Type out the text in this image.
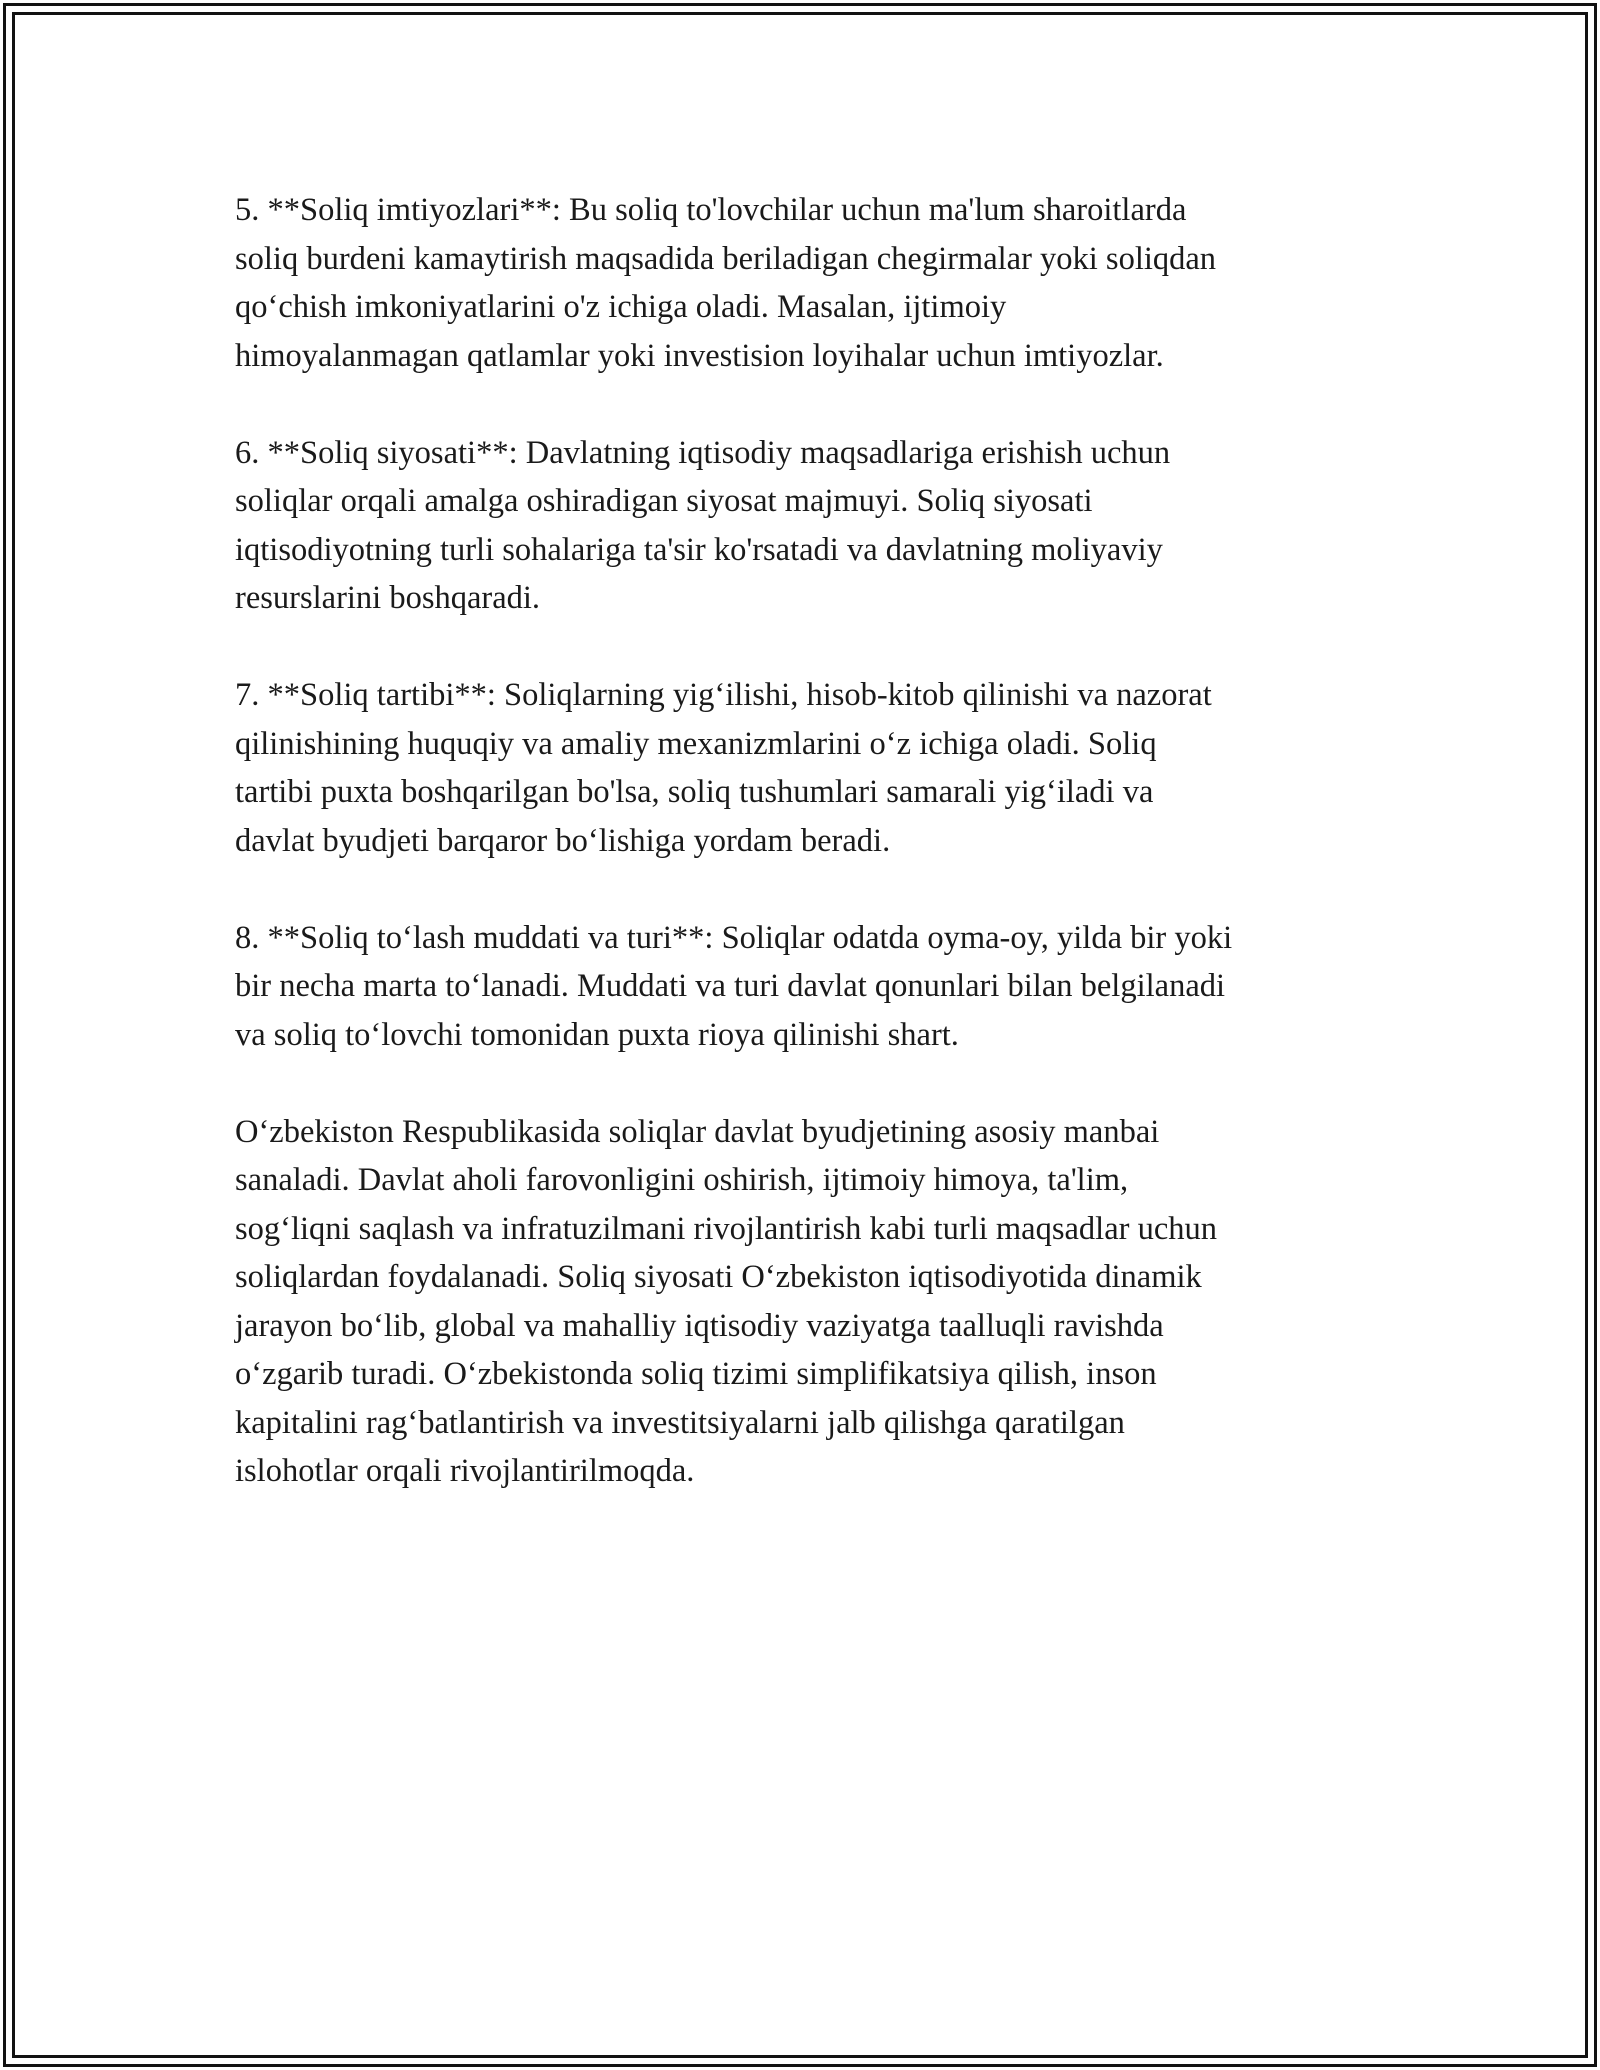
5. **Soliq imtiyozlari**: Bu soliq to'lovchilar uchun ma'lum sharoitlarda
soliq burdeni kamaytirish maqsadida beriladigan chegirmalar yoki soliqdan
qo‘chish imkoniyatlarini o'z ichiga oladi. Masalan, ijtimoiy
himoyalanmagan qatlamlar yoki investision loyihalar uchun imtiyozlar.

6. **Soliq siyosati**: Davlatning iqtisodiy maqsadlariga erishish uchun
soliqlar orqali amalga oshiradigan siyosat majmuyi. Soliq siyosati
iqtisodiyotning turli sohalariga ta'sir ko'rsatadi va davlatning moliyaviy
resurslarini boshqaradi.

7. **Soliq tartibi**: Soliqlarning yig‘ilishi, hisob-kitob qilinishi va nazorat
qilinishining huquqiy va amaliy mexanizmlarini o‘z ichiga oladi. Soliq
tartibi puxta boshqarilgan bo'lsa, soliq tushumlari samarali yig‘iladi va
davlat byudjeti barqaror bo‘lishiga yordam beradi.

8. **Soliq to‘lash muddati va turi**: Soliqlar odatda oyma-oy, yilda bir yoki
bir necha marta to‘lanadi. Muddati va turi davlat qonunlari bilan belgilanadi
va soliq to‘lovchi tomonidan puxta rioya qilinishi shart.

O‘zbekiston Respublikasida soliqlar davlat byudjetining asosiy manbai
sanaladi. Davlat aholi farovonligini oshirish, ijtimoiy himoya, ta'lim,
sog‘liqni saqlash va infratuzilmani rivojlantirish kabi turli maqsadlar uchun
soliqlardan foydalanadi. Soliq siyosati O‘zbekiston iqtisodiyotida dinamik
jarayon bo‘lib, global va mahalliy iqtisodiy vaziyatga taalluqli ravishda
o‘zgarib turadi. O‘zbekistonda soliq tizimi simplifikatsiya qilish, inson
kapitalini rag‘batlantirish va investitsiyalarni jalb qilishga qaratilgan
islohotlar orqali rivojlantirilmoqda.
